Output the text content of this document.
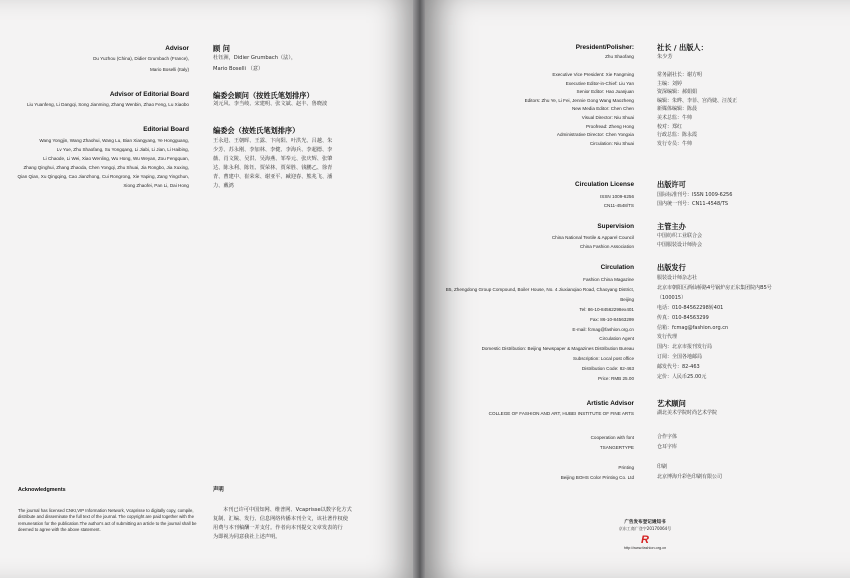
Advisor	顾 问
Du Yuzhou (China), Didier Grumbach (France),
Mario Boselli (Italy)
杜钰洲，Didier Grumbach（法），
Mario Boselli （意）
Advisor of Editorial Board	编委会顾问（按姓氏笔划排序）
Liu Yuanfeng, Li Dangqi, Song Jianming, Zhang Wenbin, Zhao Feng, Lu Xiaobo	刘元风、李当岐、宋建明、张文斌、赵丰、鲁晓波
Editorial Board	编委会（按姓氏笔划排序）
Wang Yongjin, Wang Zhaohui, Wang Lu, Bian Xiangyang, Ye Hongguang,
Lv Yue, Zhu Shaofang, Su Yongqang, Li Jiabi, Li Jian, Li Haibing,
Li Chaode, Li Wei, Xiao Wenling, Wu Hong, Wu Weyan, Zou Fengquan,
Zhang Qinghui, Zhang Zhaoda, Chen Yongqi, Zhu Shuai, Jia Rongbo, Jia Xuxing,
Qian Qian, Xu Qingqing, Cao Jianzhong, Cui Rongrong, Xie Yaping, Zang Yingchun,
Xiong Zhaofei, Pan Li, Dai Hong
王永进、王朝晖、王露、卞向阳、叶洪光、吕越、朱
少芳、苏永刚、李加林、李健、李海兵、李超德、李
薇、肖文陵、吴洪、吴海燕、邹奉元、张庆辉、张肇
达、陈永利、陈钰、贾荣林、贾荣胜、钱鹏乙、徐青
青、曹建中、崔荣荣、谢亚平、臧迎春、熊兆飞、潘
力、戴鸿
Acknowledgments	声明
The journal has licensed CNKI,VIP Information Network, Vcaprisse to digitally copy, compile,
distribute and disseminate the full text of the journal. The copyright are paid together with the
remuneration for the publication.The author's act of submitting an article to the journal shall be
deemed to agree with the above statement.
本刊已许可中国知网、维普网、Vcaprisse以数字化方式
复制、汇编、发行、信息网络传播本刊全文，该社著作权使
用费与本刊稿酬一并支付。作者向本刊提交文章发表的行
为即视为同意我社上述声明。
President/Polisher:
Zhu Shaofang
社长 / 出版人：
朱少芳
Executive Vice President: Xie Fangming
Executive Editor-in-Chief: Liu Yan
Senior Editor: Hao Juanjuan
Editors: Zhu Ye, Li Fei, Jennie Gong Wang Maozheng
New Media Editor: Chen Chen
Visual Director: Niu Shuai
Proofread: Zheng Hong
Administrative Director: Chen Yongxia
Circulation: Niu Shuai
常务副社长：谢方明
主编：刘婷
资深编辑：郝娟娟
编辑：朱晔、李菲、宫尚婕、汪茂正
新媒体编辑：陈晨
美术总监：牛帅
校对：郑红
行政总监：陈永霞
发行专员：牛帅
Circulation License	出版许可
ISSN 1009-6256
CN11-4548/TS
国际标准刊号：ISSN 1009-6256
国内统一刊号：CN11-4548/TS
Supervision	主管主办
China National Textile & Apparel Council
China Fashion Association
中国纺织工业联合会
中国服装设计师协会
Circulation	出版发行
Fashion China Magazine
B5, Zhengdong Group Compound, Boiler House, No. 4 Jiuxianqiao Road, Chaoyang District,
Beijing
Tel: 86-10-84562298ex401
Fax: 86-10-84563299
E-mail: fcmag@fashion.org.cn
Circulation Agent
Domestic Distribution: Beijing Newspaper & Magazines Distribution Bureau
Subscription: Local post office
Distribution Code: 82-463
Price: RMB 25.00
服装设计师杂志社
北京市朝阳区酒仙桥路4号锅炉房正东集团院内B5号
（100015）
电话：010-84562298转401
传真：010-84563299
信箱：fcmag@fashion.org.cn
发行代理
国内：北京市报刊发行局
订阅：全国各地邮局
邮发代号：82-463
定价：人民币25.00元
Artistic Advisor	艺术顾问
COLLEGE OF FASHION AND ART, HUBEI INSTITUTE OF FINE ARTS	湖北美术学院时尚艺术学院
Cooperation with font
TSANGERTYPE
合作字体
仓耳字库
Printing
Beijing BOHS Color Printing Co. Ltd
印刷
北京博海升彩色印刷有限公司
广告发布登记通知书
京东工商广登字20170064号
R
http://www.fashion.org.cn
